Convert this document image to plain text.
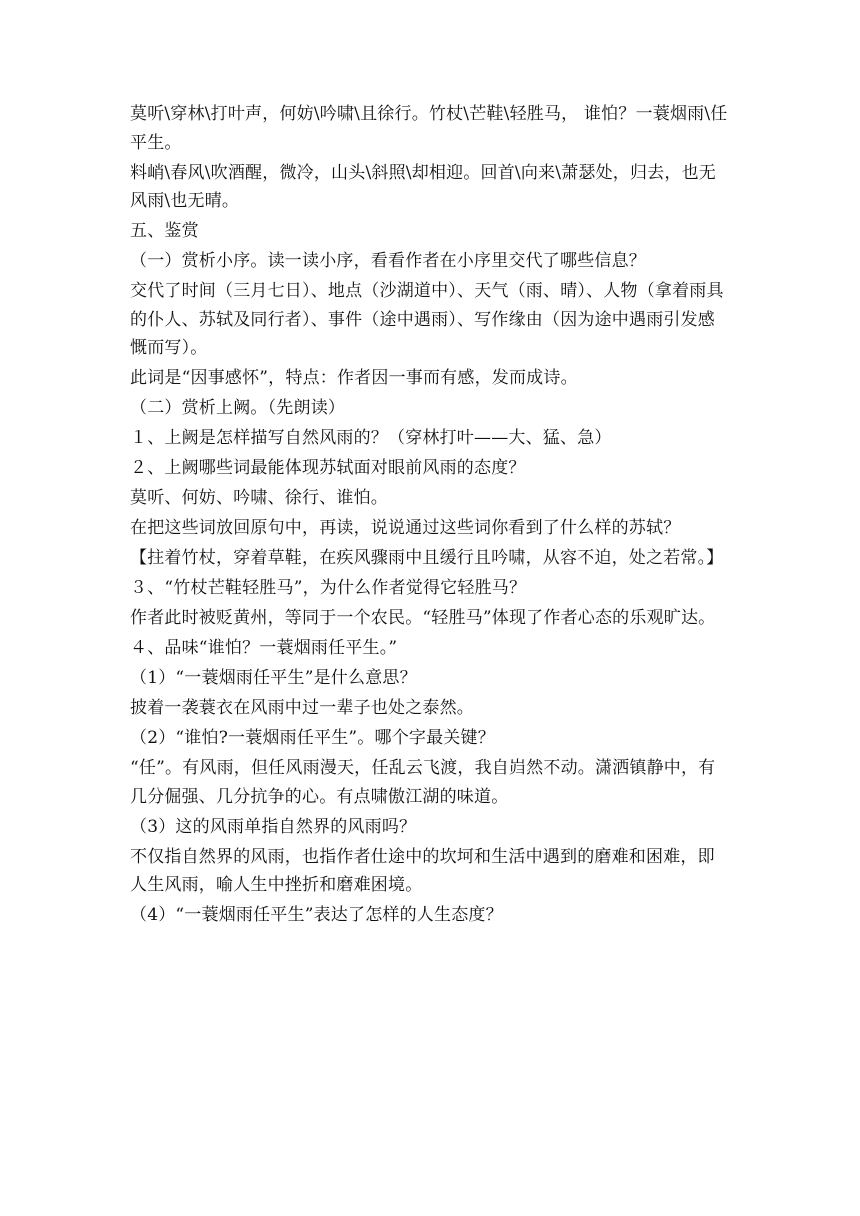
莫听\穿林\打叶声，何妨\吟啸\且徐行。竹杖\芒鞋\轻胜马， 谁怕？一蓑烟雨\任平生。

料峭\春风\吹酒醒，微冷，山头\斜照\却相迎。回首\向来\萧瑟处，归去，也无风雨\也无晴。

五、鉴赏

（一）赏析小序。读一读小序，看看作者在小序里交代了哪些信息？

交代了时间（三月七日）、地点（沙湖道中）、天气（雨、晴）、人物（拿着雨具的仆人、苏轼及同行者）、事件（途中遇雨）、写作缘由（因为途中遇雨引发感慨而写）。

此词是“因事感怀”，特点：作者因一事而有感，发而成诗。

（二）赏析上阙。（先朗读）

１、上阙是怎样描写自然风雨的？（穿林打叶——大、猛、急）

２、上阙哪些词最能体现苏轼面对眼前风雨的态度？

莫听、何妨、吟啸、徐行、谁怕。

在把这些词放回原句中，再读，说说通过这些词你看到了什么样的苏轼？

【拄着竹杖，穿着草鞋，在疾风骤雨中且缓行且吟啸，从容不迫，处之若常。】

３、“竹杖芒鞋轻胜马”，为什么作者觉得它轻胜马？

作者此时被贬黄州，等同于一个农民。“轻胜马”体现了作者心态的乐观旷达。

４、品味“谁怕？一蓑烟雨任平生。”

（1）“一蓑烟雨任平生”是什么意思？

披着一袭蓑衣在风雨中过一辈子也处之泰然。

（2）“谁怕?一蓑烟雨任平生”。哪个字最关键？

“任”。有风雨，但任风雨漫天，任乱云飞渡，我自岿然不动。潇洒镇静中，有几分倔强、几分抗争的心。有点啸傲江湖的味道。

（3）这的风雨单指自然界的风雨吗？

不仅指自然界的风雨，也指作者仕途中的坎坷和生活中遇到的磨难和困难，即人生风雨，喻人生中挫折和磨难困境。

（4）“一蓑烟雨任平生”表达了怎样的人生态度？
